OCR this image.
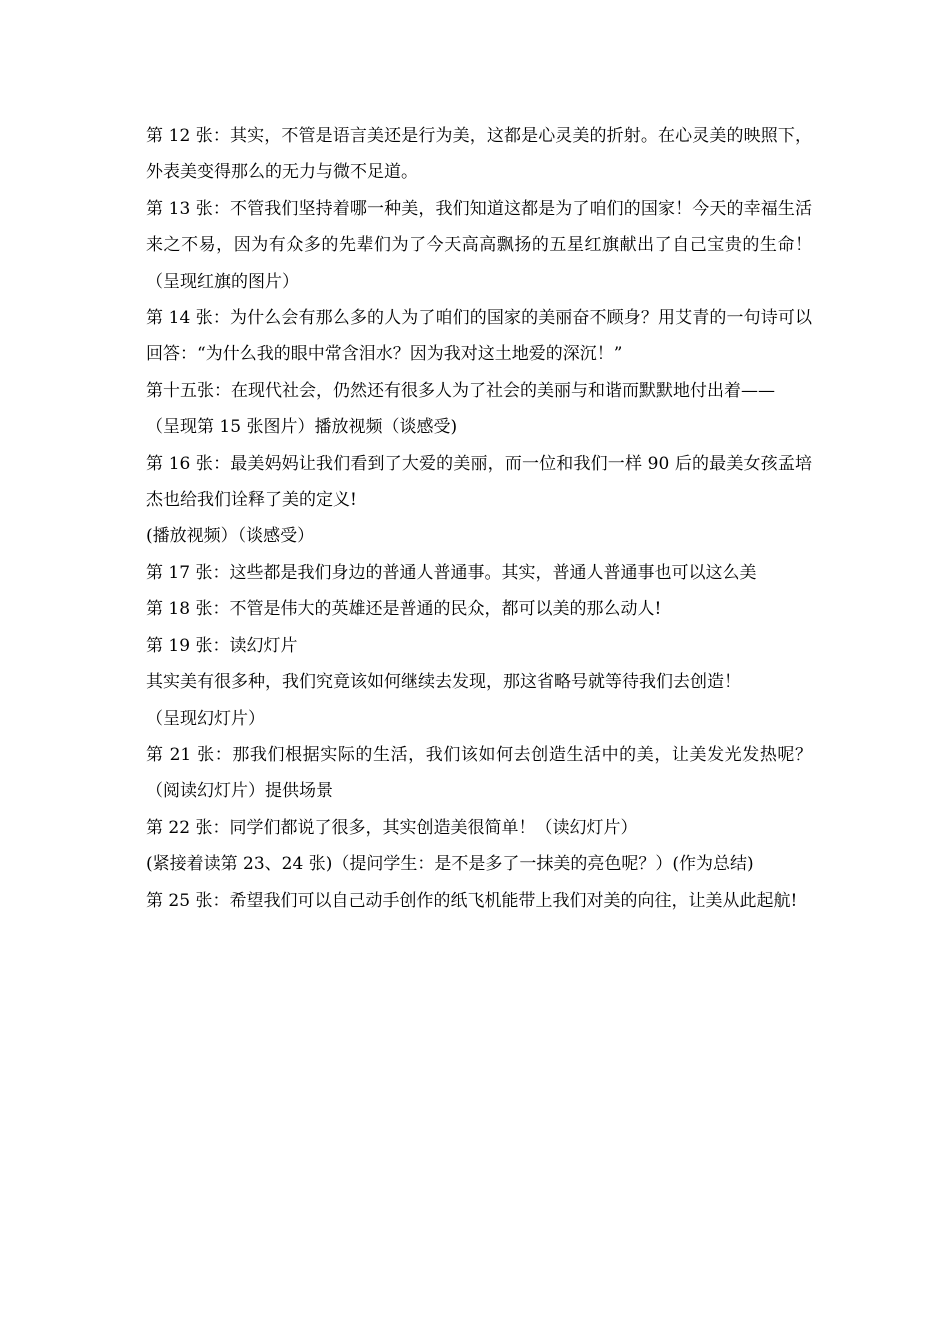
第 12 张：其实，不管是语言美还是行为美，这都是心灵美的折射。在心灵美的映照下，外表美变得那么的无力与微不足道。

第 13 张：不管我们坚持着哪一种美，我们知道这都是为了咱们的国家！今天的幸福生活来之不易，因为有众多的先辈们为了今天高高飘扬的五星红旗献出了自己宝贵的生命！（呈现红旗的图片）

第 14 张：为什么会有那么多的人为了咱们的国家的美丽奋不顾身？用艾青的一句诗可以回答：“为什么我的眼中常含泪水？因为我对这土地爱的深沉！”

第十五张：在现代社会，仍然还有很多人为了社会的美丽与和谐而默默地付出着——

（呈现第 15 张图片）播放视频（谈感受)

第 16 张：最美妈妈让我们看到了大爱的美丽，而一位和我们一样 90 后的最美女孩孟培杰也给我们诠释了美的定义!

(播放视频）（谈感受）

第 17 张：这些都是我们身边的普通人普通事。其实，普通人普通事也可以这么美

第 18 张：不管是伟大的英雄还是普通的民众，都可以美的那么动人!

第 19 张：读幻灯片

其实美有很多种，我们究竟该如何继续去发现，那这省略号就等待我们去创造！

（呈现幻灯片）

第 21 张：那我们根据实际的生活，我们该如何去创造生活中的美，让美发光发热呢？（阅读幻灯片）提供场景

第 22 张：同学们都说了很多，其实创造美很简单！（读幻灯片）

(紧接着读第 23、24 张)（提问学生：是不是多了一抹美的亮色呢？）(作为总结)

第 25 张：希望我们可以自己动手创作的纸飞机能带上我们对美的向往，让美从此起航!
